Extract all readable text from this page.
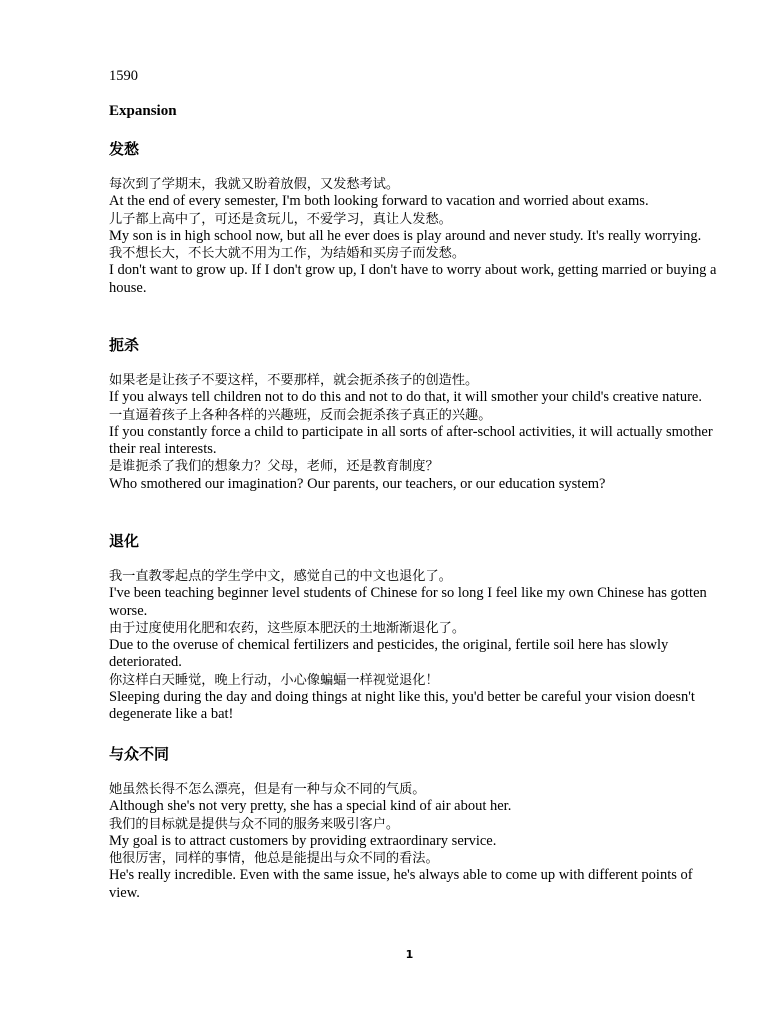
1590
Expansion
发愁
每次到了学期末，我就又盼着放假，又发愁考试。
At the end of every semester, I'm both looking forward to vacation and worried about exams.
儿子都上高中了，可还是贪玩儿，不爱学习，真让人发愁。
My son is in high school now, but all he ever does is play around and never study. It's really worrying.
我不想长大，不长大就不用为工作，为结婚和买房子而发愁。
I don't want to grow up. If I don't grow up, I don't have to worry about work, getting married or buying a house.
扼杀
如果老是让孩子不要这样，不要那样，就会扼杀孩子的创造性。
If you always tell children not to do this and not to do that, it will smother your child's creative nature.
一直逼着孩子上各种各样的兴趣班，反而会扼杀孩子真正的兴趣。
If you constantly force a child to participate in all sorts of after-school activities, it will actually smother their real interests.
是谁扼杀了我们的想象力？父母，老师，还是教育制度？
Who smothered our imagination? Our parents, our teachers, or our education system?
退化
我一直教零起点的学生学中文，感觉自己的中文也退化了。
I've been teaching beginner level students of Chinese for so long I feel like my own Chinese has gotten worse.
由于过度使用化肥和农药，这些原本肥沃的土地渐渐退化了。
Due to the overuse of chemical fertilizers and pesticides, the original, fertile soil here has slowly deteriorated.
你这样白天睡觉，晚上行动，小心像蝙蝠一样视觉退化！
Sleeping during the day and doing things at night like this, you'd better be careful your vision doesn't degenerate like a bat!
与众不同
她虽然长得不怎么漂亮，但是有一种与众不同的气质。
Although she's not very pretty, she has a special kind of air about her.
我们的目标就是提供与众不同的服务来吸引客户。
My goal is to attract customers by providing extraordinary service.
他很厉害，同样的事情，他总是能提出与众不同的看法。
He's really incredible. Even with the same issue, he's always able to come up with different points of view.
1
